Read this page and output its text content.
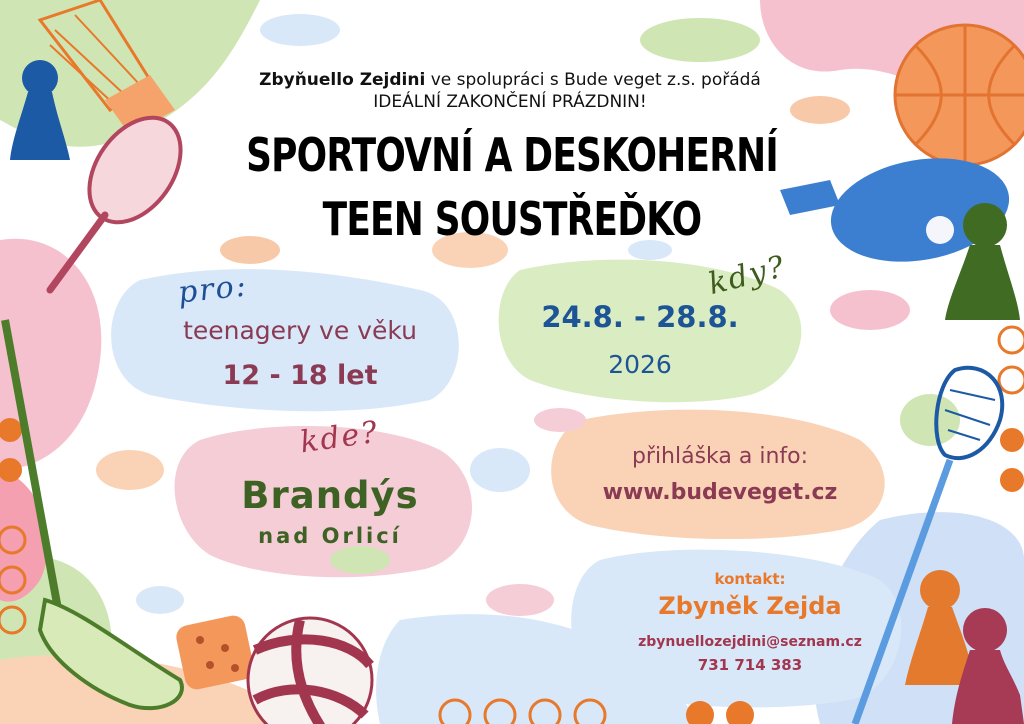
Zbyňuello Zejdini ve spolupráci s Bude veget z.s. pořádá
IDEÁLNÍ ZAKONČENÍ PRÁZDNIN!
SPORTOVNÍ A DESKOHERNÍ
TEEN SOUSTŘEĎKO
pro:
teenagery ve věku
12 - 18 let
kdy?
24.8. - 28.8.
2026
kde?
Brandýs
nad Orlicí
přihláška a info:
www.budeveget.cz
kontakt:
Zbyněk Zejda
zbynuellozejdini@seznam.cz
731 714 383
